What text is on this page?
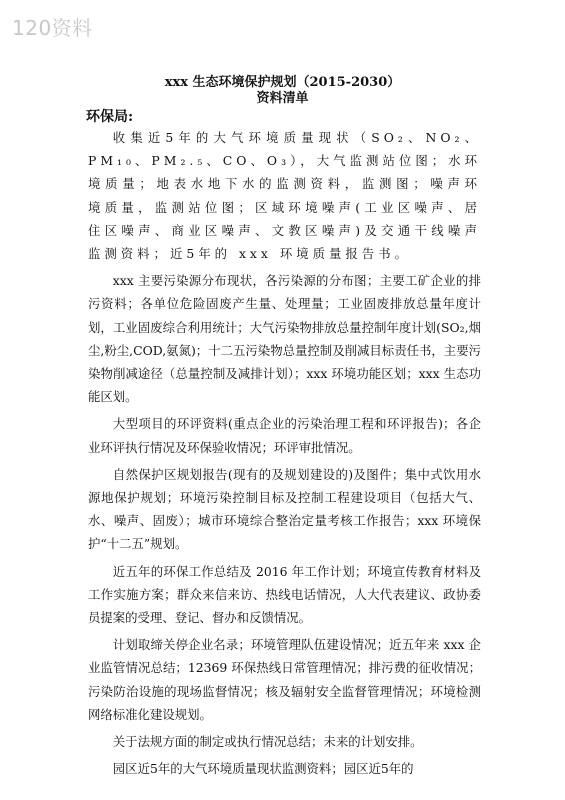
120资料
xxx 生态环境保护规划（2015-2030）
资料清单
环保局:

收集近5年的大气环境质量现状（SO₂、NO₂、PM₁₀、PM₂.₅、CO、O₃），大气监测站位图；水环境质量；地表水地下水的监测资料，监测图；噪声环境质量，监测站位图；区域环境噪声(工业区噪声、居住区噪声、商业区噪声、文教区噪声)及交通干线噪声监测资料；近5年的 xxx 环境质量报告书。

xxx 主要污染源分布现状，各污染源的分布图；主要工矿企业的排污资料；各单位危险固废产生量、处理量；工业固废排放总量年度计划，工业固废综合利用统计；大气污染物排放总量控制年度计划(SO₂,烟尘,粉尘,COD,氨氮)；十二五污染物总量控制及削减目标责任书，主要污染物削减途径（总量控制及减排计划）；xxx 环境功能区划；xxx 生态功能区划。

大型项目的环评资料(重点企业的污染治理工程和环评报告)；各企业环评执行情况及环保验收情况；环评审批情况。

自然保护区规划报告(现有的及规划建设的)及图件；集中式饮用水源地保护规划；环境污染控制目标及控制工程建设项目（包括大气、水、噪声、固废）；城市环境综合整治定量考核工作报告；xxx 环境保护“十二五”规划。

近五年的环保工作总结及 2016 年工作计划；环境宣传教育材料及工作实施方案；群众来信来访、热线电话情况，人大代表建议、政协委员提案的受理、登记、督办和反馈情况。

计划取缔关停企业名录；环境管理队伍建设情况；近五年来 xxx 企业监管情况总结；12369 环保热线日常管理情况；排污费的征收情况；污染防治设施的现场监督情况；核及辐射安全监督管理情况；环境检测网络标准化建设规划。

关于法规方面的制定或执行情况总结；未来的计划安排。

园区近5年的大气环境质量现状监测资料；园区近5年的
